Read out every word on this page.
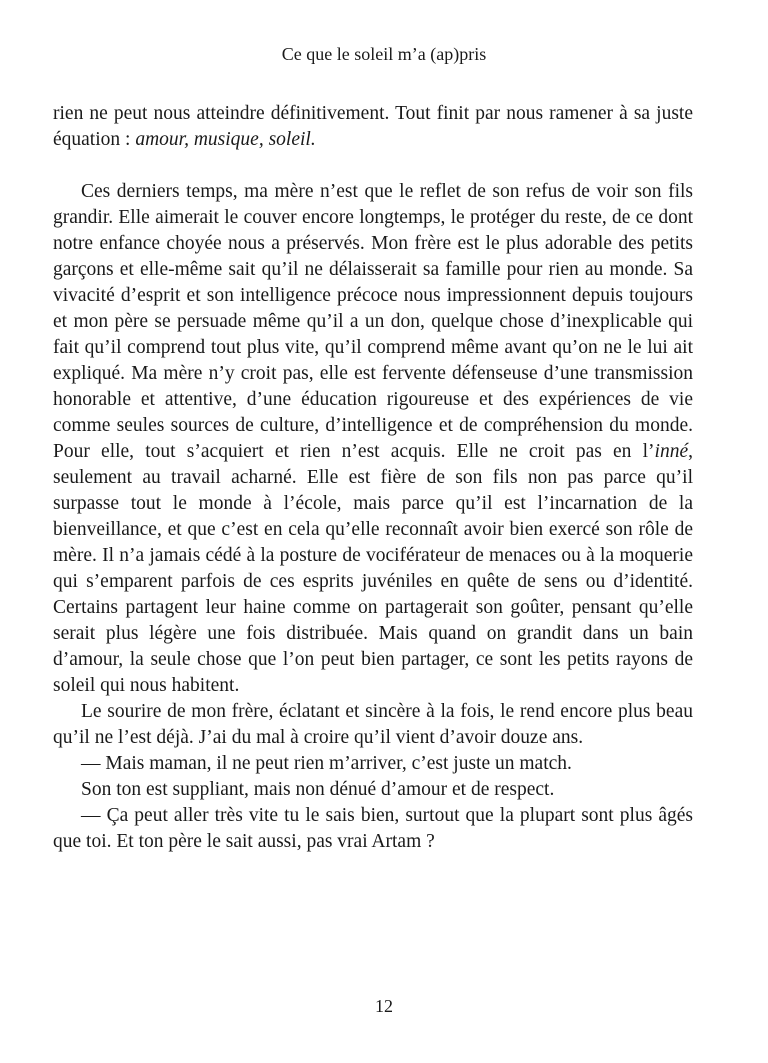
Ce que le soleil m’a (ap)pris

rien ne peut nous atteindre définitivement. Tout finit par nous ramener à sa juste équation : amour, musique, soleil.

Ces derniers temps, ma mère n’est que le reflet de son refus de voir son fils grandir. Elle aimerait le couver encore longtemps, le protéger du reste, de ce dont notre enfance choyée nous a préservés. Mon frère est le plus adorable des petits garçons et elle-même sait qu’il ne délaisserait sa famille pour rien au monde. Sa vivacité d’esprit et son intelligence précoce nous impressionnent depuis toujours et mon père se persuade même qu’il a un don, quelque chose d’inexplicable qui fait qu’il comprend tout plus vite, qu’il comprend même avant qu’on ne le lui ait expliqué. Ma mère n’y croit pas, elle est fervente défenseuse d’une transmission honorable et attentive, d’une éducation rigoureuse et des expériences de vie comme seules sources de culture, d’intelligence et de compréhension du monde. Pour elle, tout s’acquiert et rien n’est acquis. Elle ne croit pas en l’inné, seulement au travail acharné. Elle est fière de son fils non pas parce qu’il surpasse tout le monde à l’école, mais parce qu’il est l’incarnation de la bienveillance, et que c’est en cela qu’elle reconnaît avoir bien exercé son rôle de mère. Il n’a jamais cédé à la posture de vociférateur de menaces ou à la moquerie qui s’emparent parfois de ces esprits juvéniles en quête de sens ou d’identité. Certains partagent leur haine comme on partagerait son goûter, pensant qu’elle serait plus légère une fois distribuée. Mais quand on grandit dans un bain d’amour, la seule chose que l’on peut bien partager, ce sont les petits rayons de soleil qui nous habitent.

Le sourire de mon frère, éclatant et sincère à la fois, le rend encore plus beau qu’il ne l’est déjà. J’ai du mal à croire qu’il vient d’avoir douze ans.

— Mais maman, il ne peut rien m’arriver, c’est juste un match.

Son ton est suppliant, mais non dénué d’amour et de respect.

— Ça peut aller très vite tu le sais bien, surtout que la plupart sont plus âgés que toi. Et ton père le sait aussi, pas vrai Artam ?

12
